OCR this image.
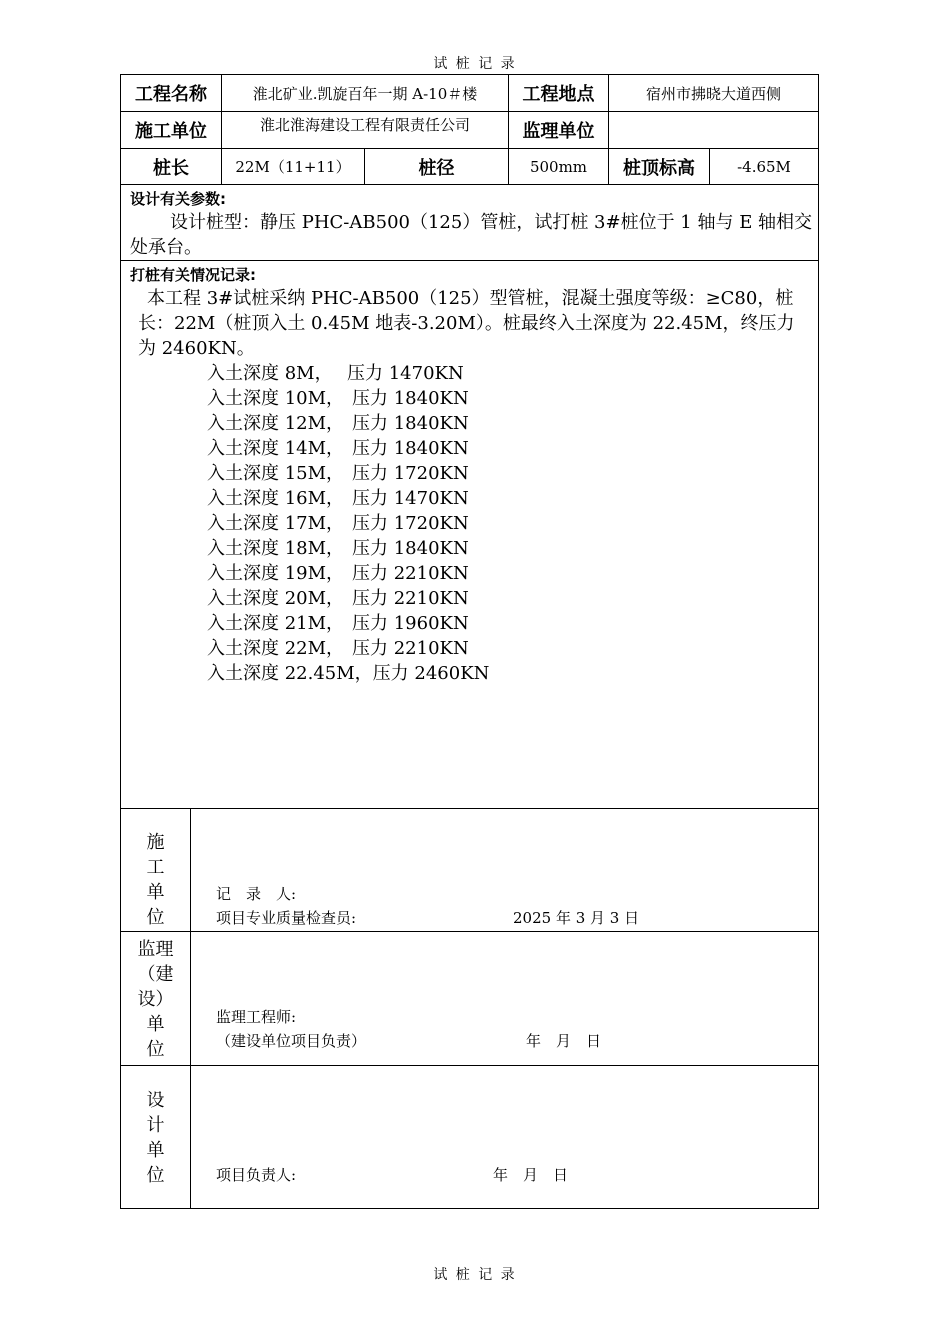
试 桩 记 录
工程名称	淮北矿业.凯旋百年一期 A-10＃楼	工程地点	宿州市拂晓大道西侧
施工单位	淮北淮海建设工程有限责任公司	监理单位
桩长	22M（11+11）	桩径	500mm	桩顶标高	-4.65M
设计有关参数:
设计桩型：静压 PHC-AB500（125）管桩，试打桩 3#桩位于 1 轴与 E 轴相交
处承台。
打桩有关情况记录:
本工程 3#试桩采纳 PHC-AB500（125）型管桩，混凝土强度等级：≥C80，桩
长：22M（桩顶入土 0.45M 地表-3.20M）。桩最终入土深度为 22.45M，终压力
为 2460KN。
入土深度 8M， 压力 1470KN
入土深度 10M， 压力 1840KN
入土深度 12M， 压力 1840KN
入土深度 14M， 压力 1840KN
入土深度 15M， 压力 1720KN
入土深度 16M， 压力 1470KN
入土深度 17M， 压力 1720KN
入土深度 18M， 压力 1840KN
入土深度 19M， 压力 2210KN
入土深度 20M， 压力 2210KN
入土深度 21M， 压力 1960KN
入土深度 22M， 压力 2210KN
入土深度 22.45M，压力 2460KN
施
工
单
位
记　录　人:
项目专业质量检查员:	2025 年 3 月 3 日
监理
（建
设）
单
位
监理工程师:
（建设单位项目负责）	年　月　日
设
计
单
位	项目负责人:	年　月　日
试 桩 记 录
